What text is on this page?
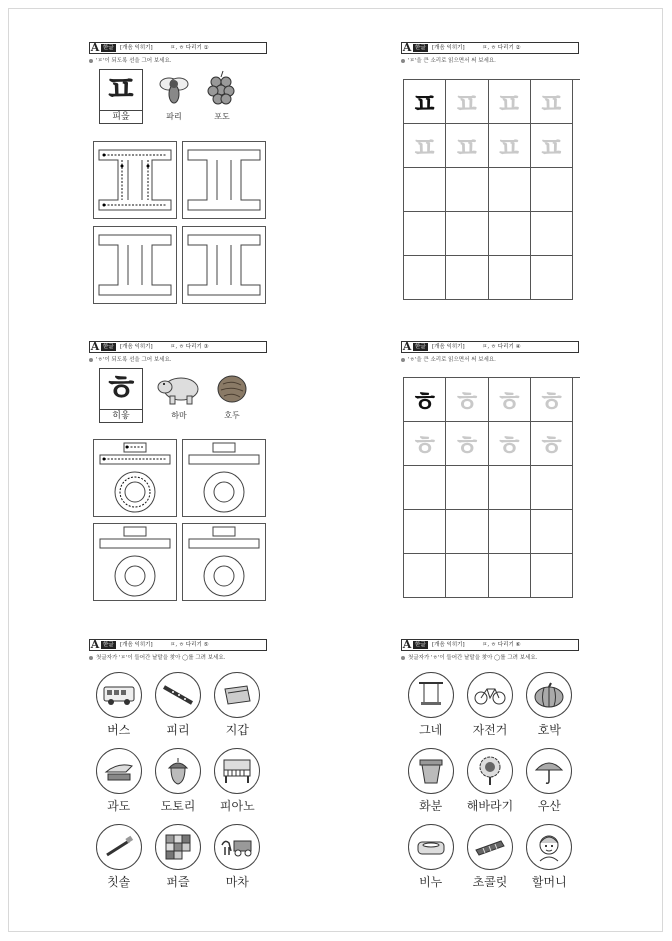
A 한글	[개음 익히기]	ㅍ, ㅎ 다리기 ①
'ㅍ'이 되도록 선을 그어 보세요.
ㅍ
피읖	파리	포도
A 한글	[개음 익히기]	ㅍ, ㅎ 다리기 ②
'ㅍ'을 큰 소리로 읽으면서 써 보세요.
ㅍ ㅍ ㅍ ㅍ
ㅍ ㅍ ㅍ ㅍ
A 한글	[개음 익히기]	ㅍ, ㅎ 다리기 ③
'ㅎ'이 되도록 선을 그어 보세요.
ㅎ
히읗	하마	호두
A 한글	[개음 익히기]	ㅍ, ㅎ 다리기 ④
'ㅎ'을 큰 소리로 읽으면서 써 보세요.
ㅎ ㅎ ㅎ ㅎ
ㅎ ㅎ ㅎ ㅎ
A 한글	[개음 익히기]	ㅍ, ㅎ 다리기 ⑤
첫글자가 'ㅍ'이 들어간 낱말을 찾아 ◯를 그려 보세요.
버스	피리	지갑
과도	도토리	피아노
칫솔	퍼즐	마차
A 한글	[개음 익히기]	ㅍ, ㅎ 다리기 ⑥
첫글자가 'ㅎ'이 들어간 낱말을 찾아 ◯를 그려 보세요.
그네	자전거	호박
화분	해바라기	우산
비누	초콜릿	할머니
